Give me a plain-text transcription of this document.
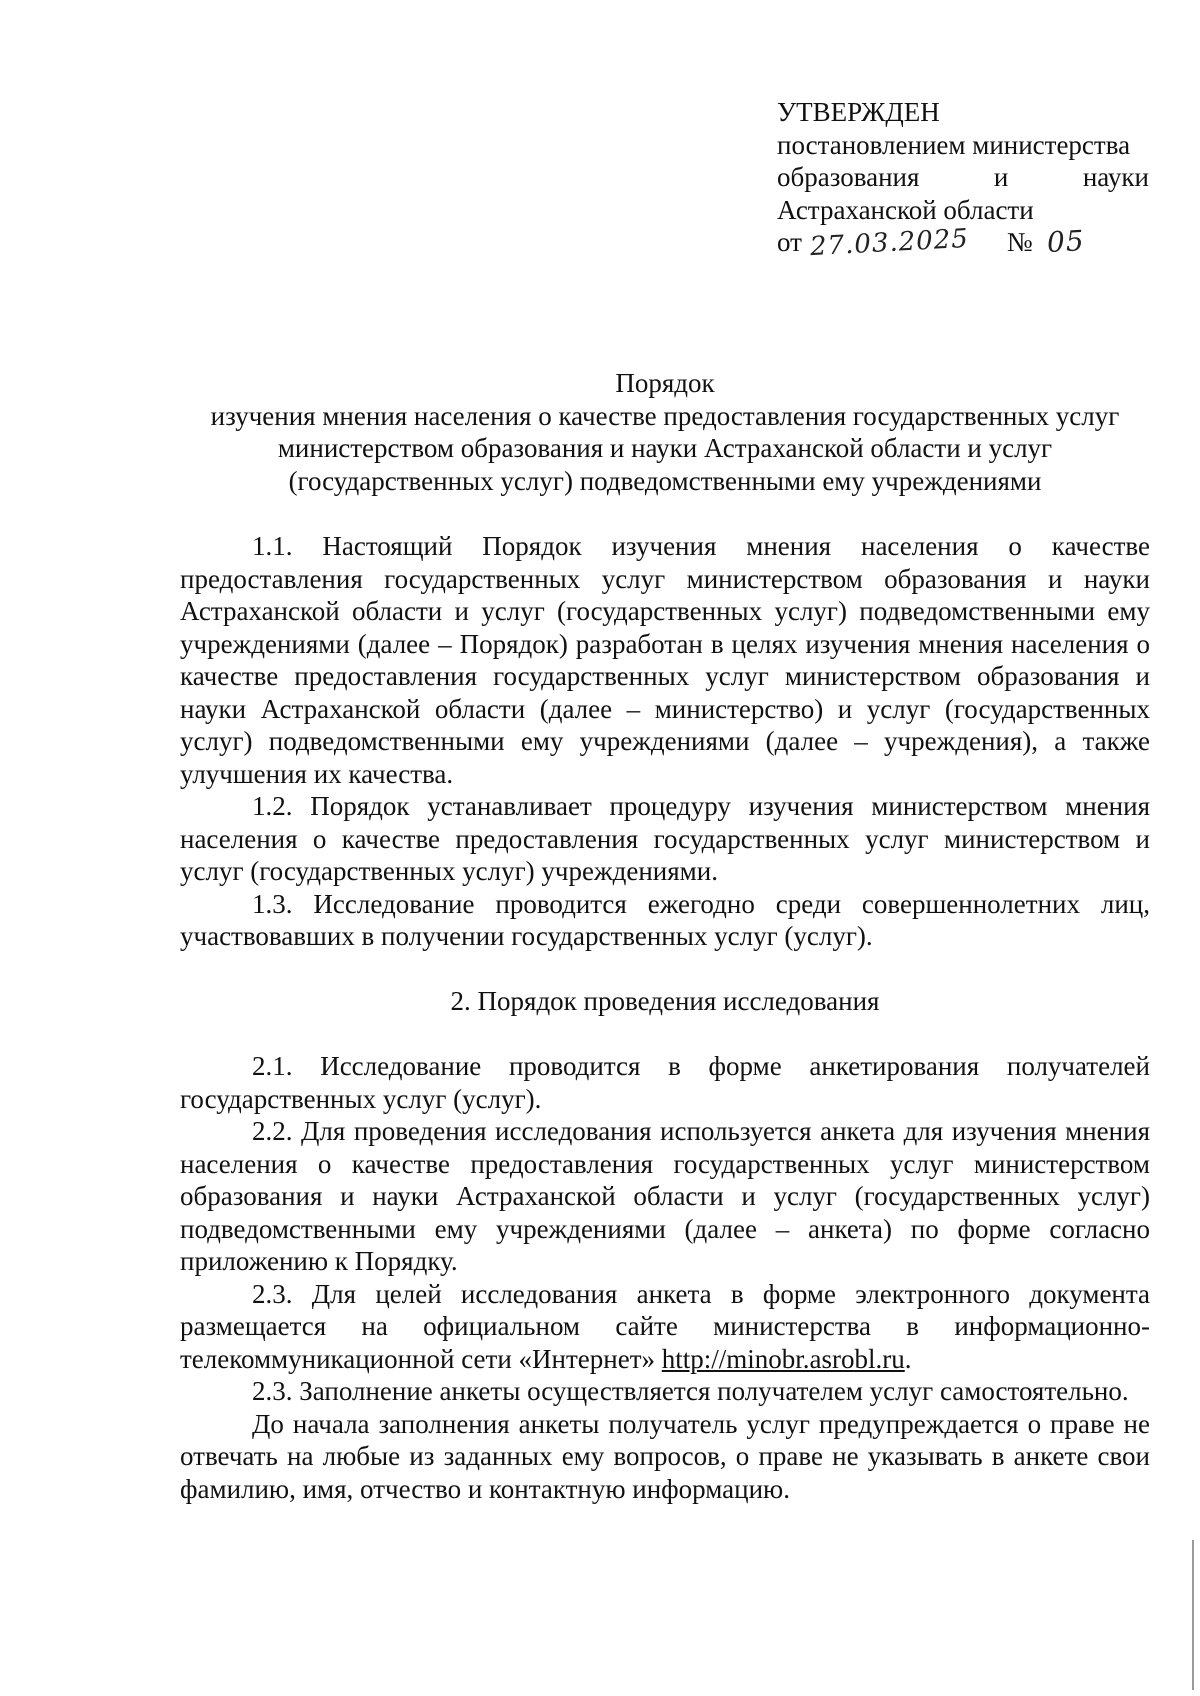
УТВЕРЖДЕН
постановлением министерства
образования	и	науки
Астраханской области
от 27.03.2025 № 05
Порядок
изучения мнения населения о качестве предоставления государственных услуг
министерством образования и науки Астраханской области и услуг
(государственных услуг) подведомственными ему учреждениями

1.1. Настоящий Порядок изучения мнения населения о качестве предоставления государственных услуг министерством образования и науки Астраханской области и услуг (государственных услуг) подведомственными ему учреждениями (далее – Порядок) разработан в целях изучения мнения населения о качестве предоставления государственных услуг министерством образования и науки Астраханской области (далее – министерство) и услуг (государственных услуг) подведомственными ему учреждениями (далее – учреждения), а также улучшения их качества.

1.2. Порядок устанавливает процедуру изучения министерством мнения населения о качестве предоставления государственных услуг министерством и услуг (государственных услуг) учреждениями.

1.3. Исследование проводится ежегодно среди совершеннолетних лиц, участвовавших в получении государственных услуг (услуг).

2. Порядок проведения исследования

2.1. Исследование проводится в форме анкетирования получателей государственных услуг (услуг).

2.2. Для проведения исследования используется анкета для изучения мнения населения о качестве предоставления государственных услуг министерством образования и науки Астраханской области и услуг (государственных услуг) подведомственными ему учреждениями (далее – анкета) по форме согласно приложению к Порядку.

2.3. Для целей исследования анкета в форме электронного документа размещается на официальном сайте министерства в информационно-телекоммуникационной сети «Интернет» http://minobr.asrobl.ru.

2.3. Заполнение анкеты осуществляется получателем услуг самостоятельно.

До начала заполнения анкеты получатель услуг предупреждается о праве не отвечать на любые из заданных ему вопросов, о праве не указывать в анкете свои фамилию, имя, отчество и контактную информацию.
